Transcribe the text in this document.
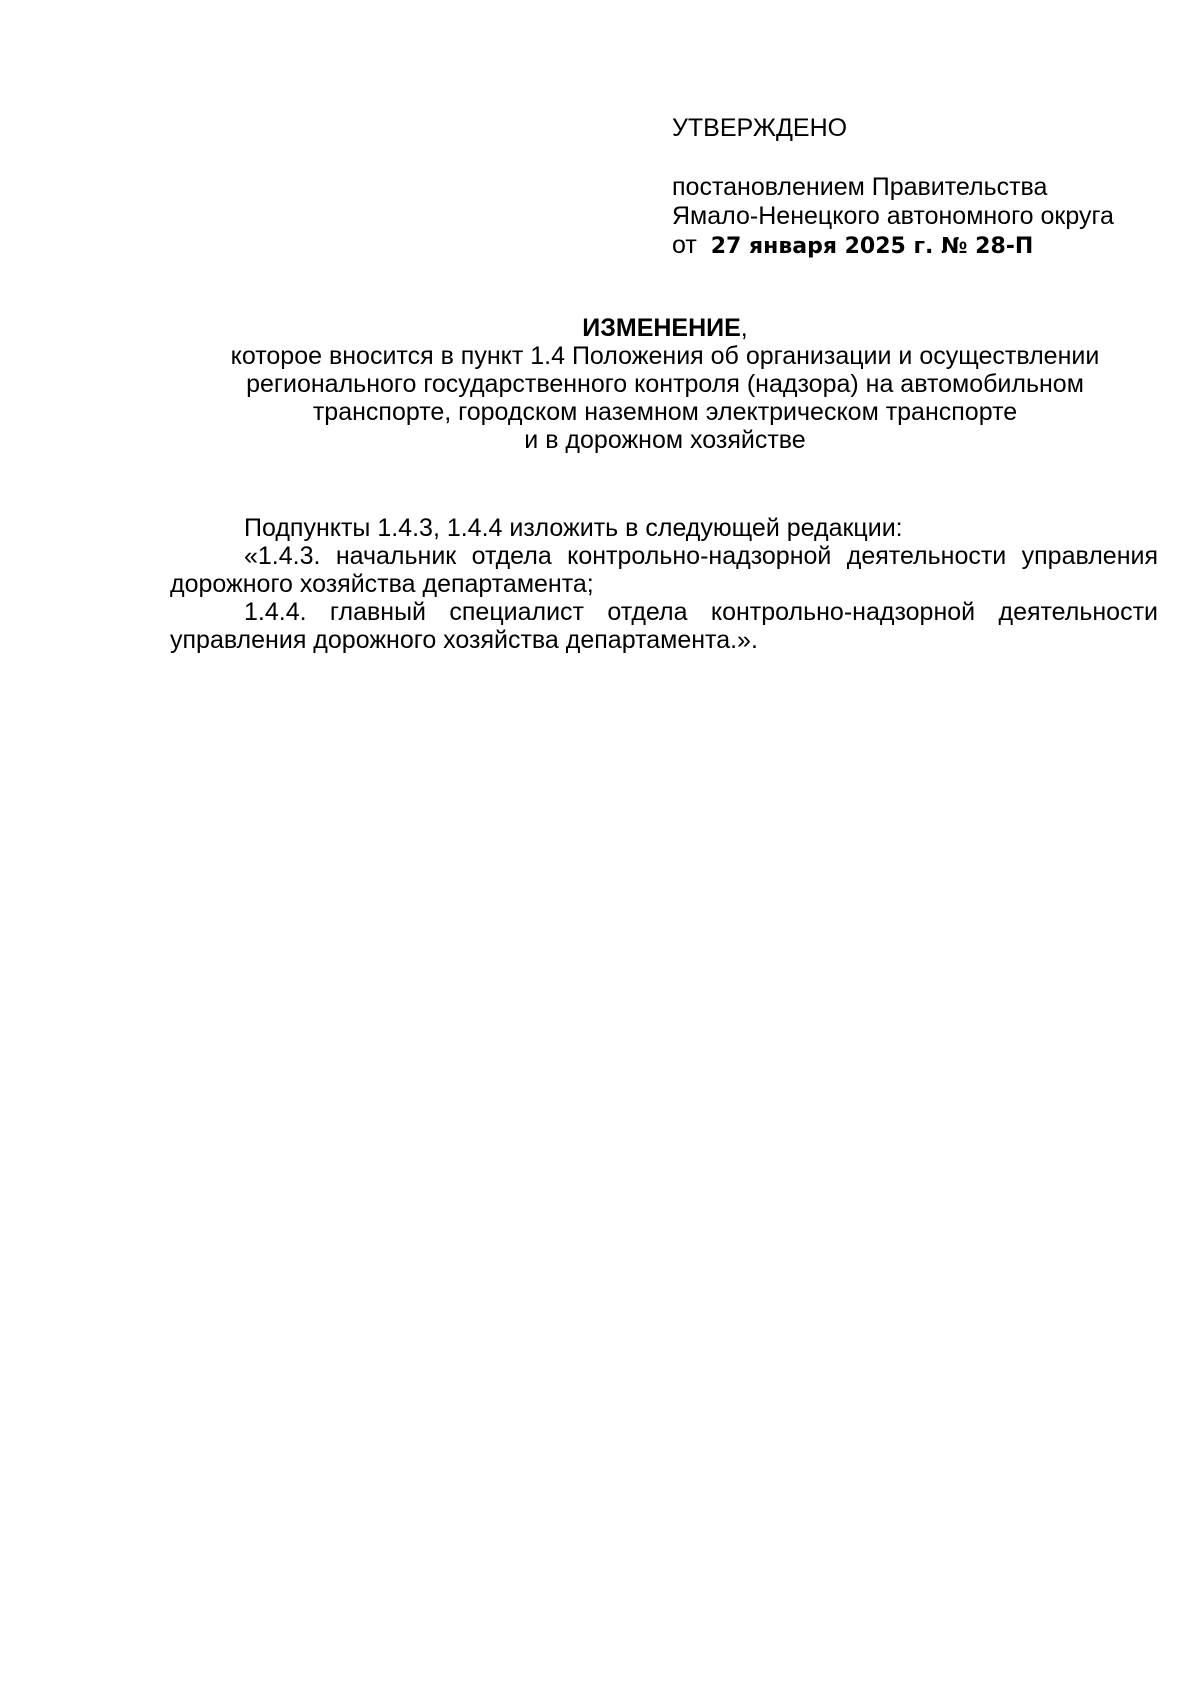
УТВЕРЖДЕНО
постановлением Правительства
Ямало-Ненецкого автономного округа
от 27 января 2025 г. № 28-П
ИЗМЕНЕНИЕ,
которое вносится в пункт 1.4 Положения об организации и осуществлении
регионального государственного контроля (надзора) на автомобильном
транспорте, городском наземном электрическом транспорте
и в дорожном хозяйстве

Подпункты 1.4.3, 1.4.4 изложить в следующей редакции:

«1.4.3. начальник отдела контрольно-надзорной деятельности управления дорожного хозяйства департамента;

1.4.4. главный специалист отдела контрольно-надзорной деятельности управления дорожного хозяйства департамента.».
